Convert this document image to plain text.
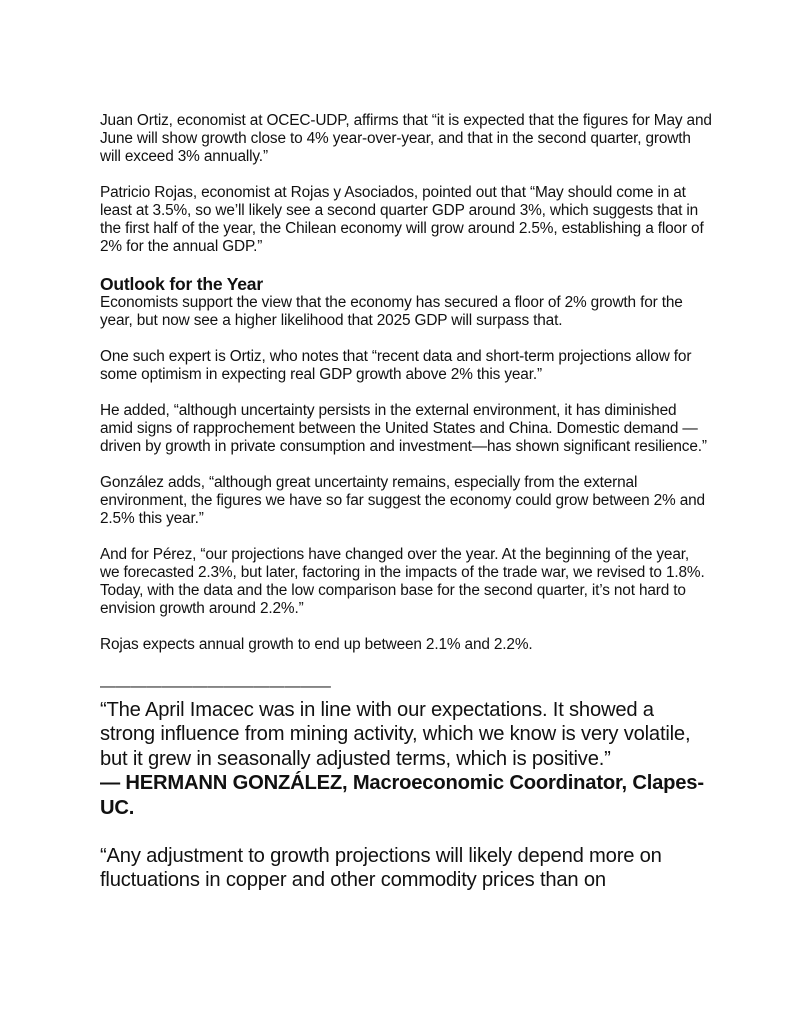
Juan Ortiz, economist at OCEC-UDP, affirms that “it is expected that the figures for May and June will show growth close to 4% year-over-year, and that in the second quarter, growth will exceed 3% annually.”

Patricio Rojas, economist at Rojas y Asociados, pointed out that “May should come in at least at 3.5%, so we’ll likely see a second quarter GDP around 3%, which suggests that in the first half of the year, the Chilean economy will grow around 2.5%, establishing a floor of 2% for the annual GDP.”

Outlook for the Year

Economists support the view that the economy has secured a floor of 2% growth for the year, but now see a higher likelihood that 2025 GDP will surpass that.

One such expert is Ortiz, who notes that “recent data and short-term projections allow for some optimism in expecting real GDP growth above 2% this year.”

He added, “although uncertainty persists in the external environment, it has diminished amid signs of rapprochement between the United States and China. Domestic demand —driven by growth in private consumption and investment—has shown significant resilience.”

González adds, “although great uncertainty remains, especially from the external environment, the figures we have so far suggest the economy could grow between 2% and 2.5% this year.”

And for Pérez, “our projections have changed over the year. At the beginning of the year, we forecasted 2.3%, but later, factoring in the impacts of the trade war, we revised to 1.8%. Today, with the data and the low comparison base for the second quarter, it’s not hard to envision growth around 2.2%.”

Rojas expects annual growth to end up between 2.1% and 2.2%.

———————————————

“The April Imacec was in line with our expectations. It showed a strong influence from mining activity, which we know is very volatile, but it grew in seasonally adjusted terms, which is positive.”

— HERMANN GONZÁLEZ, Macroeconomic Coordinator, Clapes-UC.

“Any adjustment to growth projections will likely depend more on fluctuations in copper and other commodity prices than on
